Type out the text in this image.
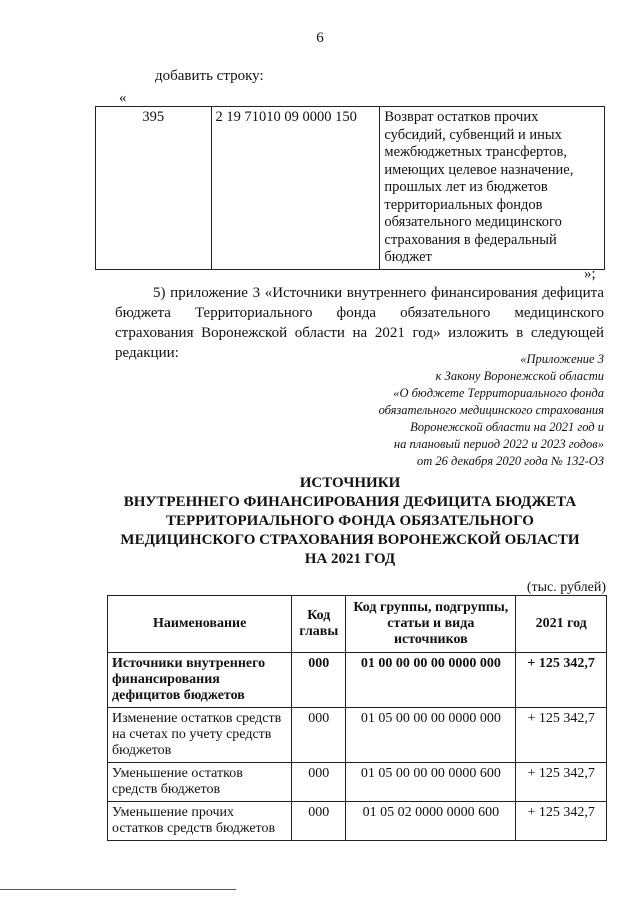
6
добавить строку:
«
395	2 19 71010 09 0000 150	Возврат остатков прочих субсидий, субвенций и иных межбюджетных трансфертов, имеющих целевое назначение, прошлых лет из бюджетов территориальных фондов обязательного медицинского страхования в федеральный бюджет
»;

5) приложение 3 «Источники внутреннего финансирования дефицита бюджета Территориального фонда обязательного медицинского страхования Воронежской области на 2021 год» изложить в следующей редакции:	«Приложение 3
к Закону Воронежской области
«О бюджете Территориального фонда
обязательного медицинского страхования
Воронежской области на 2021 год и
на плановый период 2022 и 2023 годов»
от 26 декабря 2020 года № 132-ОЗ
ИСТОЧНИКИ
ВНУТРЕННЕГО ФИНАНСИРОВАНИЯ ДЕФИЦИТА БЮДЖЕТА
ТЕРРИТОРИАЛЬНОГО ФОНДА ОБЯЗАТЕЛЬНОГО
МЕДИЦИНСКОГО СТРАХОВАНИЯ ВОРОНЕЖСКОЙ ОБЛАСТИ
НА 2021 ГОД
(тыс. рублей)
Наименование	Код главы	Код группы, подгруппы, статьи и вида источников	2021 год
Источники внутреннего финансирования дефицитов бюджетов	000	01 00 00 00 00 0000 000	+ 125 342,7
Изменение остатков средств на счетах по учету средств бюджетов	000	01 05 00 00 00 0000 000	+ 125 342,7
Уменьшение остатков средств бюджетов	000	01 05 00 00 00 0000 600	+ 125 342,7
Уменьшение прочих остатков средств бюджетов	000	01 05 02 0000 0000 600	+ 125 342,7
